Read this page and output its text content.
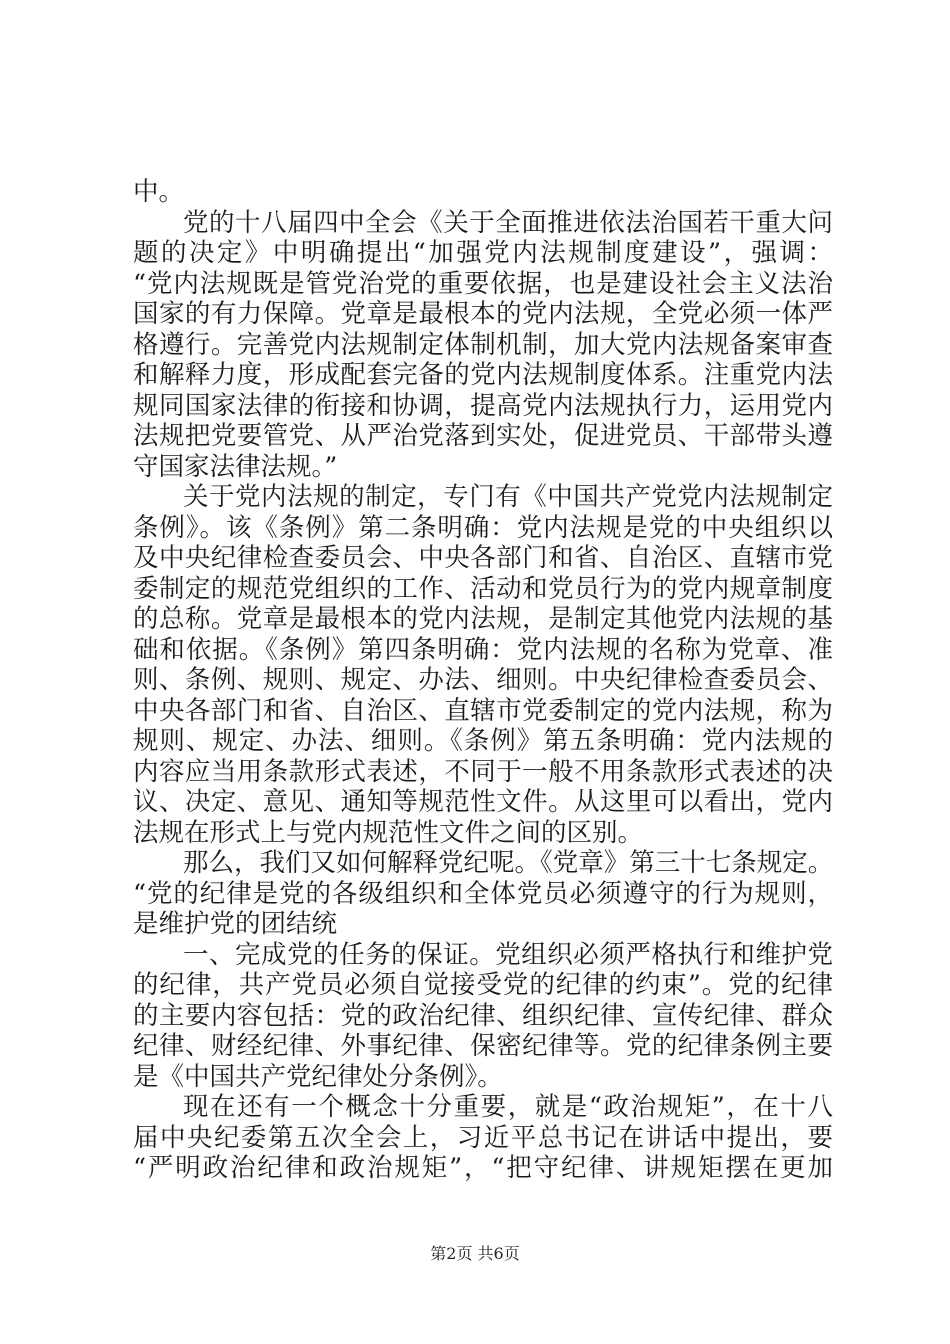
中。
党的十八届四中全会《关于全面推进依法治国若干重大问
题的决定》中明确提出“加强党内法规制度建设”，强调：
“党内法规既是管党治党的重要依据，也是建设社会主义法治
国家的有力保障。党章是最根本的党内法规，全党必须一体严
格遵行。完善党内法规制定体制机制，加大党内法规备案审查
和解释力度，形成配套完备的党内法规制度体系。注重党内法
规同国家法律的衔接和协调，提高党内法规执行力，运用党内
法规把党要管党、从严治党落到实处，促进党员、干部带头遵
守国家法律法规。”
关于党内法规的制定，专门有《中国共产党党内法规制定
条例》。该《条例》第二条明确：党内法规是党的中央组织以
及中央纪律检查委员会、中央各部门和省、自治区、直辖市党
委制定的规范党组织的工作、活动和党员行为的党内规章制度
的总称。党章是最根本的党内法规，是制定其他党内法规的基
础和依据。《条例》第四条明确：党内法规的名称为党章、准
则、条例、规则、规定、办法、细则。中央纪律检查委员会、
中央各部门和省、自治区、直辖市党委制定的党内法规，称为
规则、规定、办法、细则。《条例》第五条明确：党内法规的
内容应当用条款形式表述，不同于一般不用条款形式表述的决
议、决定、意见、通知等规范性文件。从这里可以看出，党内
法规在形式上与党内规范性文件之间的区别。
那么，我们又如何解释党纪呢。《党章》第三十七条规定。
“党的纪律是党的各级组织和全体党员必须遵守的行为规则，
是维护党的团结统
一、完成党的任务的保证。党组织必须严格执行和维护党
的纪律，共产党员必须自觉接受党的纪律的约束”。党的纪律
的主要内容包括：党的政治纪律、组织纪律、宣传纪律、群众
纪律、财经纪律、外事纪律、保密纪律等。党的纪律条例主要
是《中国共产党纪律处分条例》。
现在还有一个概念十分重要，就是“政治规矩”，在十八
第2页 共6页
届中央纪委第五次全会上，习近平总书记在讲话中提出，要
“严明政治纪律和政治规矩”，“把守纪律、讲规矩摆在更加
